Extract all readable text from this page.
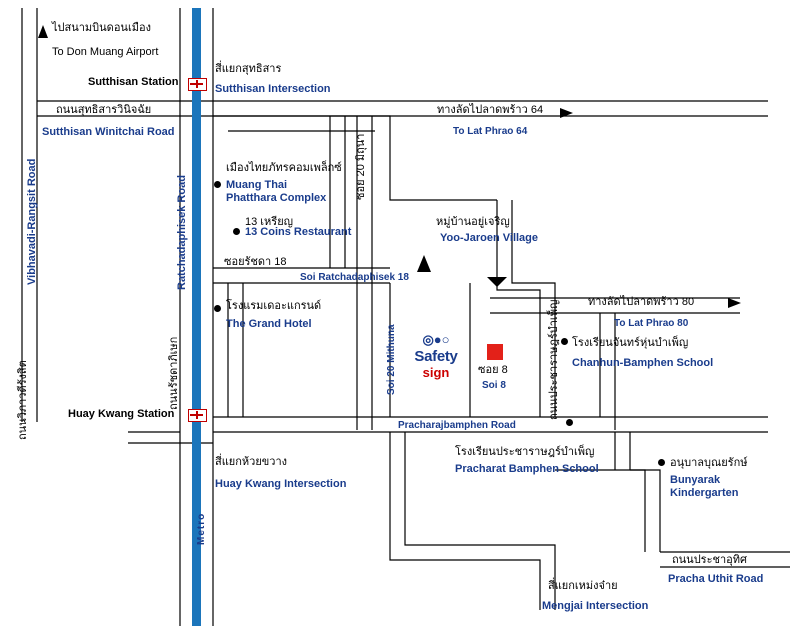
◎●○
Safety
sign
ไปสนามบินดอนเมือง
To Don Muang Airport
Sutthisan Station
สี่แยกสุทธิสาร
Sutthisan Intersection
ถนนสุทธิสารวินิจฉัย
Sutthisan Winitchai Road
ทางลัดไปลาดพร้าว 64
To Lat Phrao 64
Vibhavadi-Rangsit Road
ถนนวิภาวดีรังสิต
Ratchadaphisek Road
ถนนรัชดาภิเษก
ซอย 20 มิถุนา
Soi 20 Mithuna
เมืองไทยภัทรคอมเพล็กซ์
Muang Thai Phatthara Complex
13 เหรียญ
13 Coins Restaurant
ซอยรัชดา 18
Soi Ratchadaphisek 18
โรงแรมเดอะแกรนด์
The Grand Hotel
หมู่บ้านอยู่เจริญ
Yoo-Jaroen Village
ทางลัดไปลาดพร้าว 80
To Lat Phrao 80
ถนนประชาราษฎร์บำเพ็ญ
ซอย 8
Soi 8
โรงเรียนจันทร์หุ่นบำเพ็ญ
Chanhun-Bamphen School
Huay Kwang Station
Pracharajbamphen Road
สี่แยกห้วยขวาง
Huay Kwang Intersection
โรงเรียนประชาราษฎร์บำเพ็ญ
Pracharat Bamphen School	อนุบาลบุณยรักษ์
Bunyarak Kindergarten
Metro
ถนนประชาอุทิศ
Pracha Uthit Road
สี่แยกเหม่งจ๋าย
Mengjai Intersection
